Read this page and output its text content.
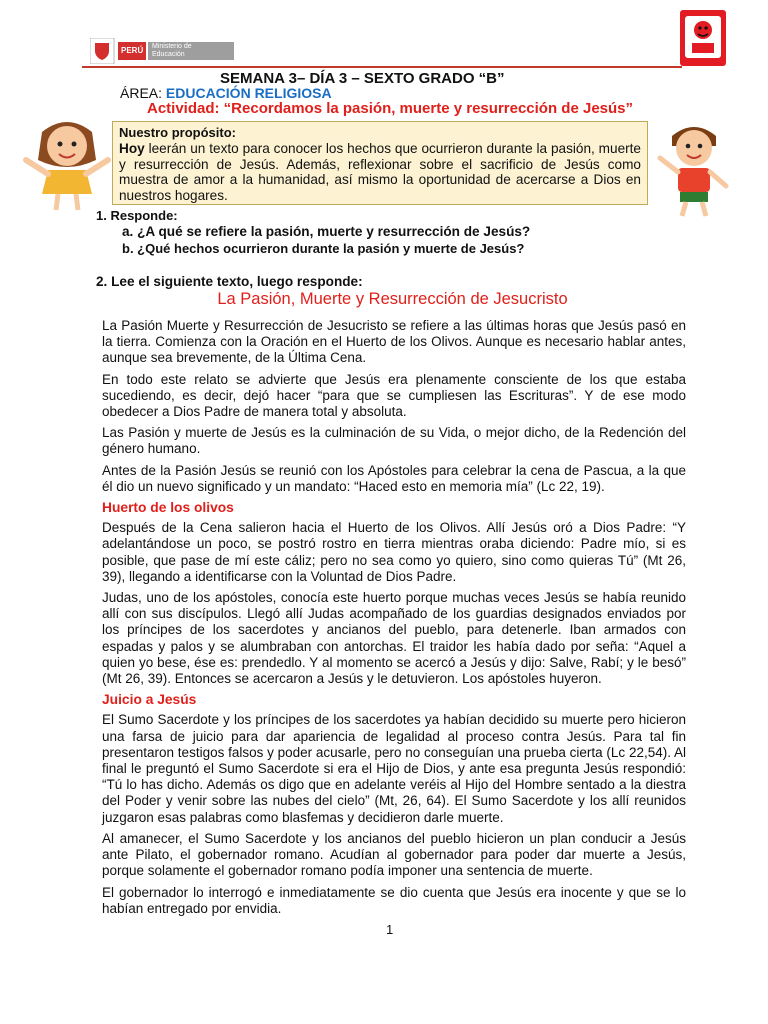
PERÚ Ministerio de Educación
SEMANA 3– DÍA 3 – SEXTO GRADO “B”
ÁREA: EDUCACIÓN RELIGIOSA
Actividad: “Recordamos la pasión, muerte y resurrección de Jesús”
Nuestro propósito:

Hoy leerán un texto para conocer los hechos que ocurrieron durante la pasión, muerte y resurrección de Jesús. Además, reflexionar sobre el sacrificio de Jesús como muestra de amor a la humanidad, así mismo la oportunidad de acercarse a Dios en nuestros hogares.

1. Responde:
a. ¿A qué se refiere la pasión, muerte y resurrección de Jesús?
b. ¿Qué hechos ocurrieron durante la pasión y muerte de Jesús?
2. Lee el siguiente texto, luego responde:
La Pasión, Muerte y Resurrección de Jesucristo

La Pasión Muerte y Resurrección de Jesucristo se refiere a las últimas horas que Jesús pasó en la tierra. Comienza con la Oración en el Huerto de los Olivos. Aunque es necesario hablar antes, aunque sea brevemente, de la Última Cena.

En todo este relato se advierte que Jesús era plenamente consciente de los que estaba sucediendo, es decir, dejó hacer “para que se cumpliesen las Escrituras”. Y de ese modo obedecer a Dios Padre de manera total y absoluta.

Las Pasión y muerte de Jesús es la culminación de su Vida, o mejor dicho, de la Redención del género humano.

Antes de la Pasión Jesús se reunió con los Apóstoles para celebrar la cena de Pascua, a la que él dio un nuevo significado y un mandato: “Haced esto en memoria mía” (Lc 22, 19).

Huerto de los olivos

Después de la Cena salieron hacia el Huerto de los Olivos. Allí Jesús oró a Dios Padre: “Y adelantándose un poco, se postró rostro en tierra mientras oraba diciendo: Padre mío, si es posible, que pase de mí este cáliz; pero no sea como yo quiero, sino como quieras Tú” (Mt 26, 39), llegando a identificarse con la Voluntad de Dios Padre.

Judas, uno de los apóstoles, conocía este huerto porque muchas veces Jesús se había reunido allí con sus discípulos. Llegó allí Judas acompañado de los guardias designados enviados por los príncipes de los sacerdotes y ancianos del pueblo, para detenerle. Iban armados con espadas y palos y se alumbraban con antorchas. El traidor les había dado por seña: “Aquel a quien yo bese, ése es: prendedlo. Y al momento se acercó a Jesús y dijo: Salve, Rabí; y le besó” (Mt 26, 39). Entonces se acercaron a Jesús y le detuvieron. Los apóstoles huyeron.

Juicio a Jesús

El Sumo Sacerdote y los príncipes de los sacerdotes ya habían decidido su muerte pero hicieron una farsa de juicio para dar apariencia de legalidad al proceso contra Jesús. Para tal fin presentaron testigos falsos y poder acusarle, pero no conseguían una prueba cierta (Lc 22,54). Al final le preguntó el Sumo Sacerdote si era el Hijo de Dios, y ante esa pregunta Jesús respondió: “Tú lo has dicho. Además os digo que en adelante veréis al Hijo del Hombre sentado a la diestra del Poder y venir sobre las nubes del cielo” (Mt, 26, 64). El Sumo Sacerdote y los allí reunidos juzgaron esas palabras como blasfemas y decidieron darle muerte.

Al amanecer, el Sumo Sacerdote y los ancianos del pueblo hicieron un plan conducir a Jesús ante Pilato, el gobernador romano. Acudían al gobernador para poder dar muerte a Jesús, porque solamente el gobernador romano podía imponer una sentencia de muerte.

El gobernador lo interrogó e inmediatamente se dio cuenta que Jesús era inocente y que se lo habían entregado por envidia.

1
